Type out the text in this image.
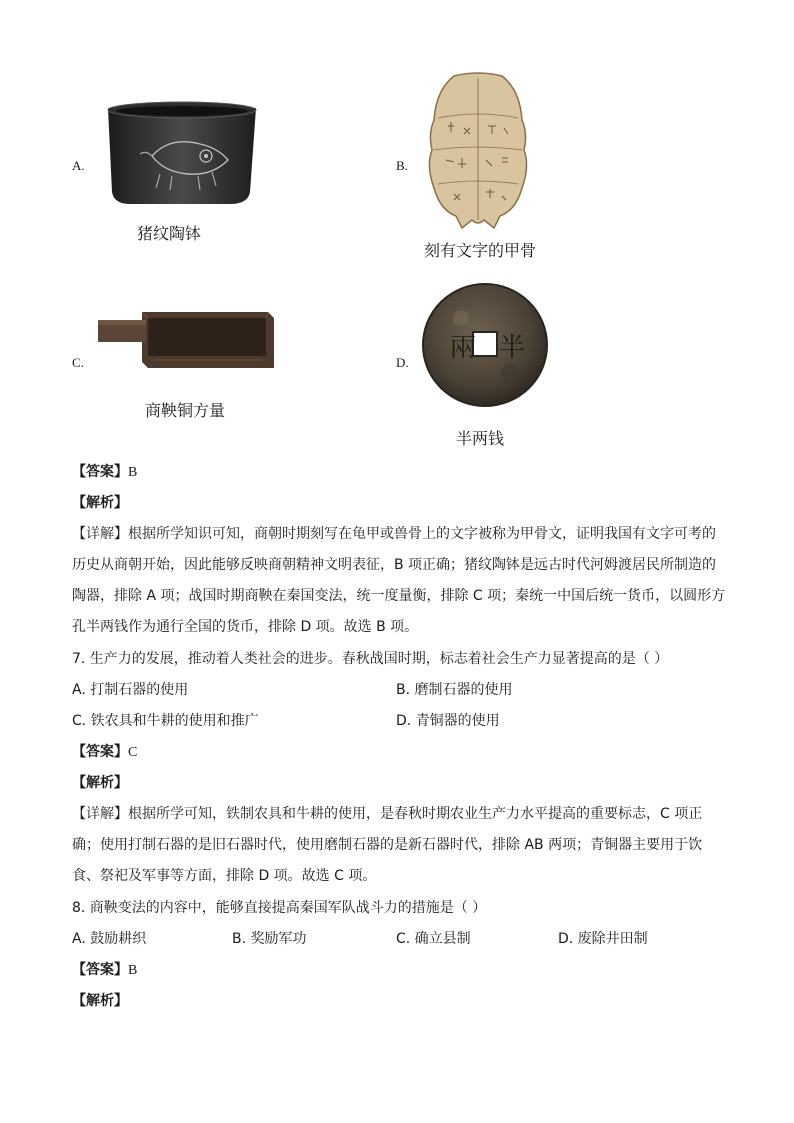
A.
猪纹陶钵
B.
刻有文字的甲骨
C.
商鞅铜方量
D. 兩 半
半两钱
【答案】B
【解析】
【详解】根据所学知识可知，商朝时期刻写在龟甲或兽骨上的文字被称为甲骨文，证明我国有文字可考的
历史从商朝开始，因此能够反映商朝精神文明表征，B 项正确；猪纹陶钵是远古时代河姆渡居民所制造的
陶器，排除 A 项；战国时期商鞅在秦国变法，统一度量衡，排除 C 项；秦统一中国后统一货币，以圆形方
孔半两钱作为通行全国的货币，排除 D 项。故选 B 项。
7. 生产力的发展，推动着人类社会的进步。春秋战国时期，标志着社会生产力显著提高的是（ ）
A. 打制石器的使用	B. 磨制石器的使用
C. 铁农具和牛耕的使用和推广	D. 青铜器的使用
【答案】C
【解析】
【详解】根据所学可知，铁制农具和牛耕的使用，是春秋时期农业生产力水平提高的重要标志，C 项正
确；使用打制石器的是旧石器时代，使用磨制石器的是新石器时代，排除 AB 两项；青铜器主要用于饮
食、祭祀及军事等方面，排除 D 项。故选 C 项。
8. 商鞅变法的内容中，能够直接提高秦国军队战斗力的措施是（ ）
A. 鼓励耕织	B. 奖励军功	C. 确立县制	D. 废除井田制
【答案】B
【解析】
